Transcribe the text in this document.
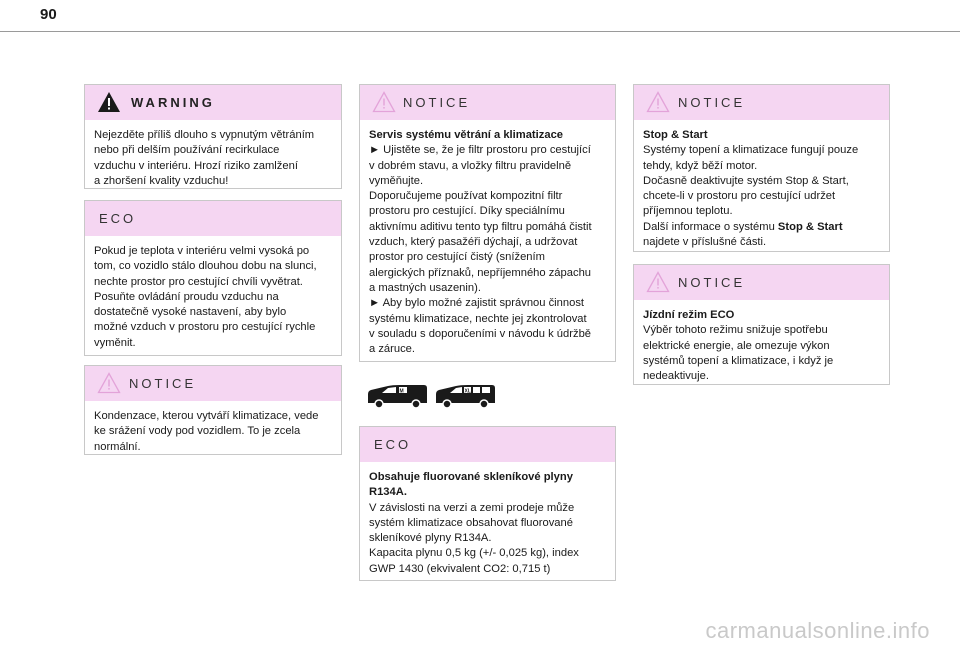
90
WARNING

Nejezděte příliš dlouho s vypnutým větráním

nebo při delším používání recirkulace

vzduchu v interiéru. Hrozí riziko zamlžení

a zhoršení kvality vzduchu!

ECO

Pokud je teplota v interiéru velmi vysoká po

tom, co vozidlo stálo dlouhou dobu na slunci,

nechte prostor pro cestující chvíli vyvětrat.

Posuňte ovládání proudu vzduchu na

dostatečně vysoké nastavení, aby bylo

možné vzduch v prostoru pro cestující rychle

vyměnit.

NOTICE

Kondenzace, kterou vytváří klimatizace, vede

ke srážení vody pod vozidlem. To je zcela

normální.

NOTICE

Servis systému větrání a klimatizace

► Ujistěte se, že je filtr prostoru pro cestující

v dobrém stavu, a vložky filtru pravidelně

vyměňujte.

Doporučujeme používat kompozitní filtr

prostoru pro cestující. Díky speciálnímu

aktivnímu aditivu tento typ filtru pomáhá čistit

vzduch, který pasažéři dýchají, a udržovat

prostor pro cestující čistý (snížením

alergických příznaků, nepříjemného zápachu

a mastných usazenin).

► Aby bylo možné zajistit správnou činnost

systému klimatizace, nechte jej zkontrolovat

v souladu s doporučeními v návodu k údržbě

a záruce.

M	XL
ECO

Obsahuje fluorované skleníkové plyny

R134A.

V závislosti na verzi a zemi prodeje může

systém klimatizace obsahovat fluorované

skleníkové plyny R134A.

Kapacita plynu 0,5 kg (+/- 0,025 kg), index

GWP 1430 (ekvivalent CO2: 0,715 t)

NOTICE

Stop & Start

Systémy topení a klimatizace fungují pouze

tehdy, když běží motor.

Dočasně deaktivujte systém Stop & Start,

chcete-li v prostoru pro cestující udržet

příjemnou teplotu.

Další informace o systému Stop & Start

najdete v příslušné části.

NOTICE

Jízdní režim ECO

Výběr tohoto režimu snižuje spotřebu

elektrické energie, ale omezuje výkon

systémů topení a klimatizace, i když je

nedeaktivuje.

carmanualsonline.info
